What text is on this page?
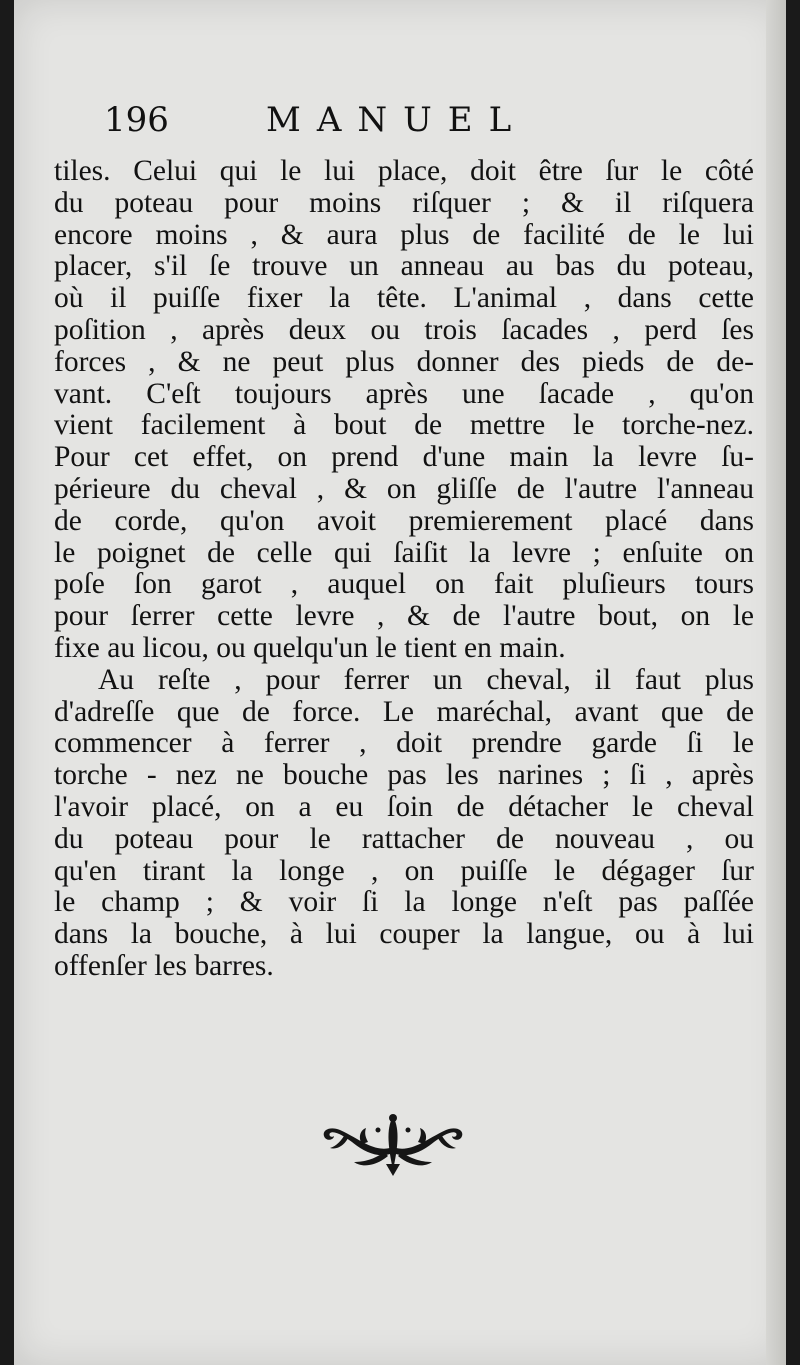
196	MANUEL
tiles. Celui qui le lui place, doit être ſur le côté
du poteau pour moins riſquer ; & il riſquera
encore moins , & aura plus de facilité de le lui
placer, s'il ſe trouve un anneau au bas du poteau,
où il puiſſe fixer la tête. L'animal , dans cette
poſition , après deux ou trois ſacades , perd ſes
forces , & ne peut plus donner des pieds de de-
vant. C'eſt toujours après une ſacade , qu'on
vient facilement à bout de mettre le torche-nez.
Pour cet effet, on prend d'une main la levre ſu-
périeure du cheval , & on gliſſe de l'autre l'anneau
de corde, qu'on avoit premierement placé dans
le poignet de celle qui ſaiſit la levre ; enſuite on
poſe ſon garot , auquel on fait pluſieurs tours
pour ſerrer cette levre , & de l'autre bout, on le
fixe au licou, ou quelqu'un le tient en main.
Au reſte , pour ferrer un cheval, il faut plus
d'adreſſe que de force. Le maréchal, avant que de
commencer à ferrer , doit prendre garde ſi le
torche - nez ne bouche pas les narines ; ſi , après
l'avoir placé, on a eu ſoin de détacher le cheval
du poteau pour le rattacher de nouveau , ou
qu'en tirant la longe , on puiſſe le dégager ſur
le champ ; & voir ſi la longe n'eſt pas paſſée
dans la bouche, à lui couper la langue, ou à lui
offenſer les barres.
